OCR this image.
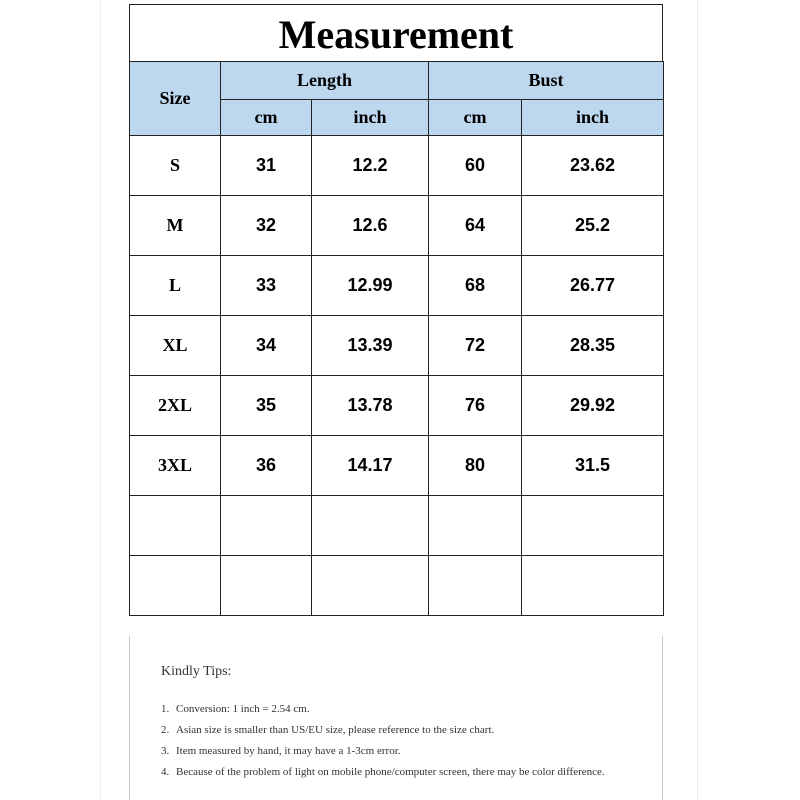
Measurement
Size	Length		Bust	
	cm	inch	cm	inch
S	31	12.2	60	23.62
M	32	12.6	64	25.2
L	33	12.99	68	26.77
XL	34	13.39	72	28.35
2XL	35	13.78	76	29.92
3XL	36	14.17	80	31.5

Kindly Tips:
1. Conversion: 1 inch = 2.54 cm.
2. Asian size is smaller than US/EU size, please reference to the size chart.
3. Item measured by hand, it may have a 1-3cm error.
4. Because of the problem of light on mobile phone/computer screen, there may be color difference.
